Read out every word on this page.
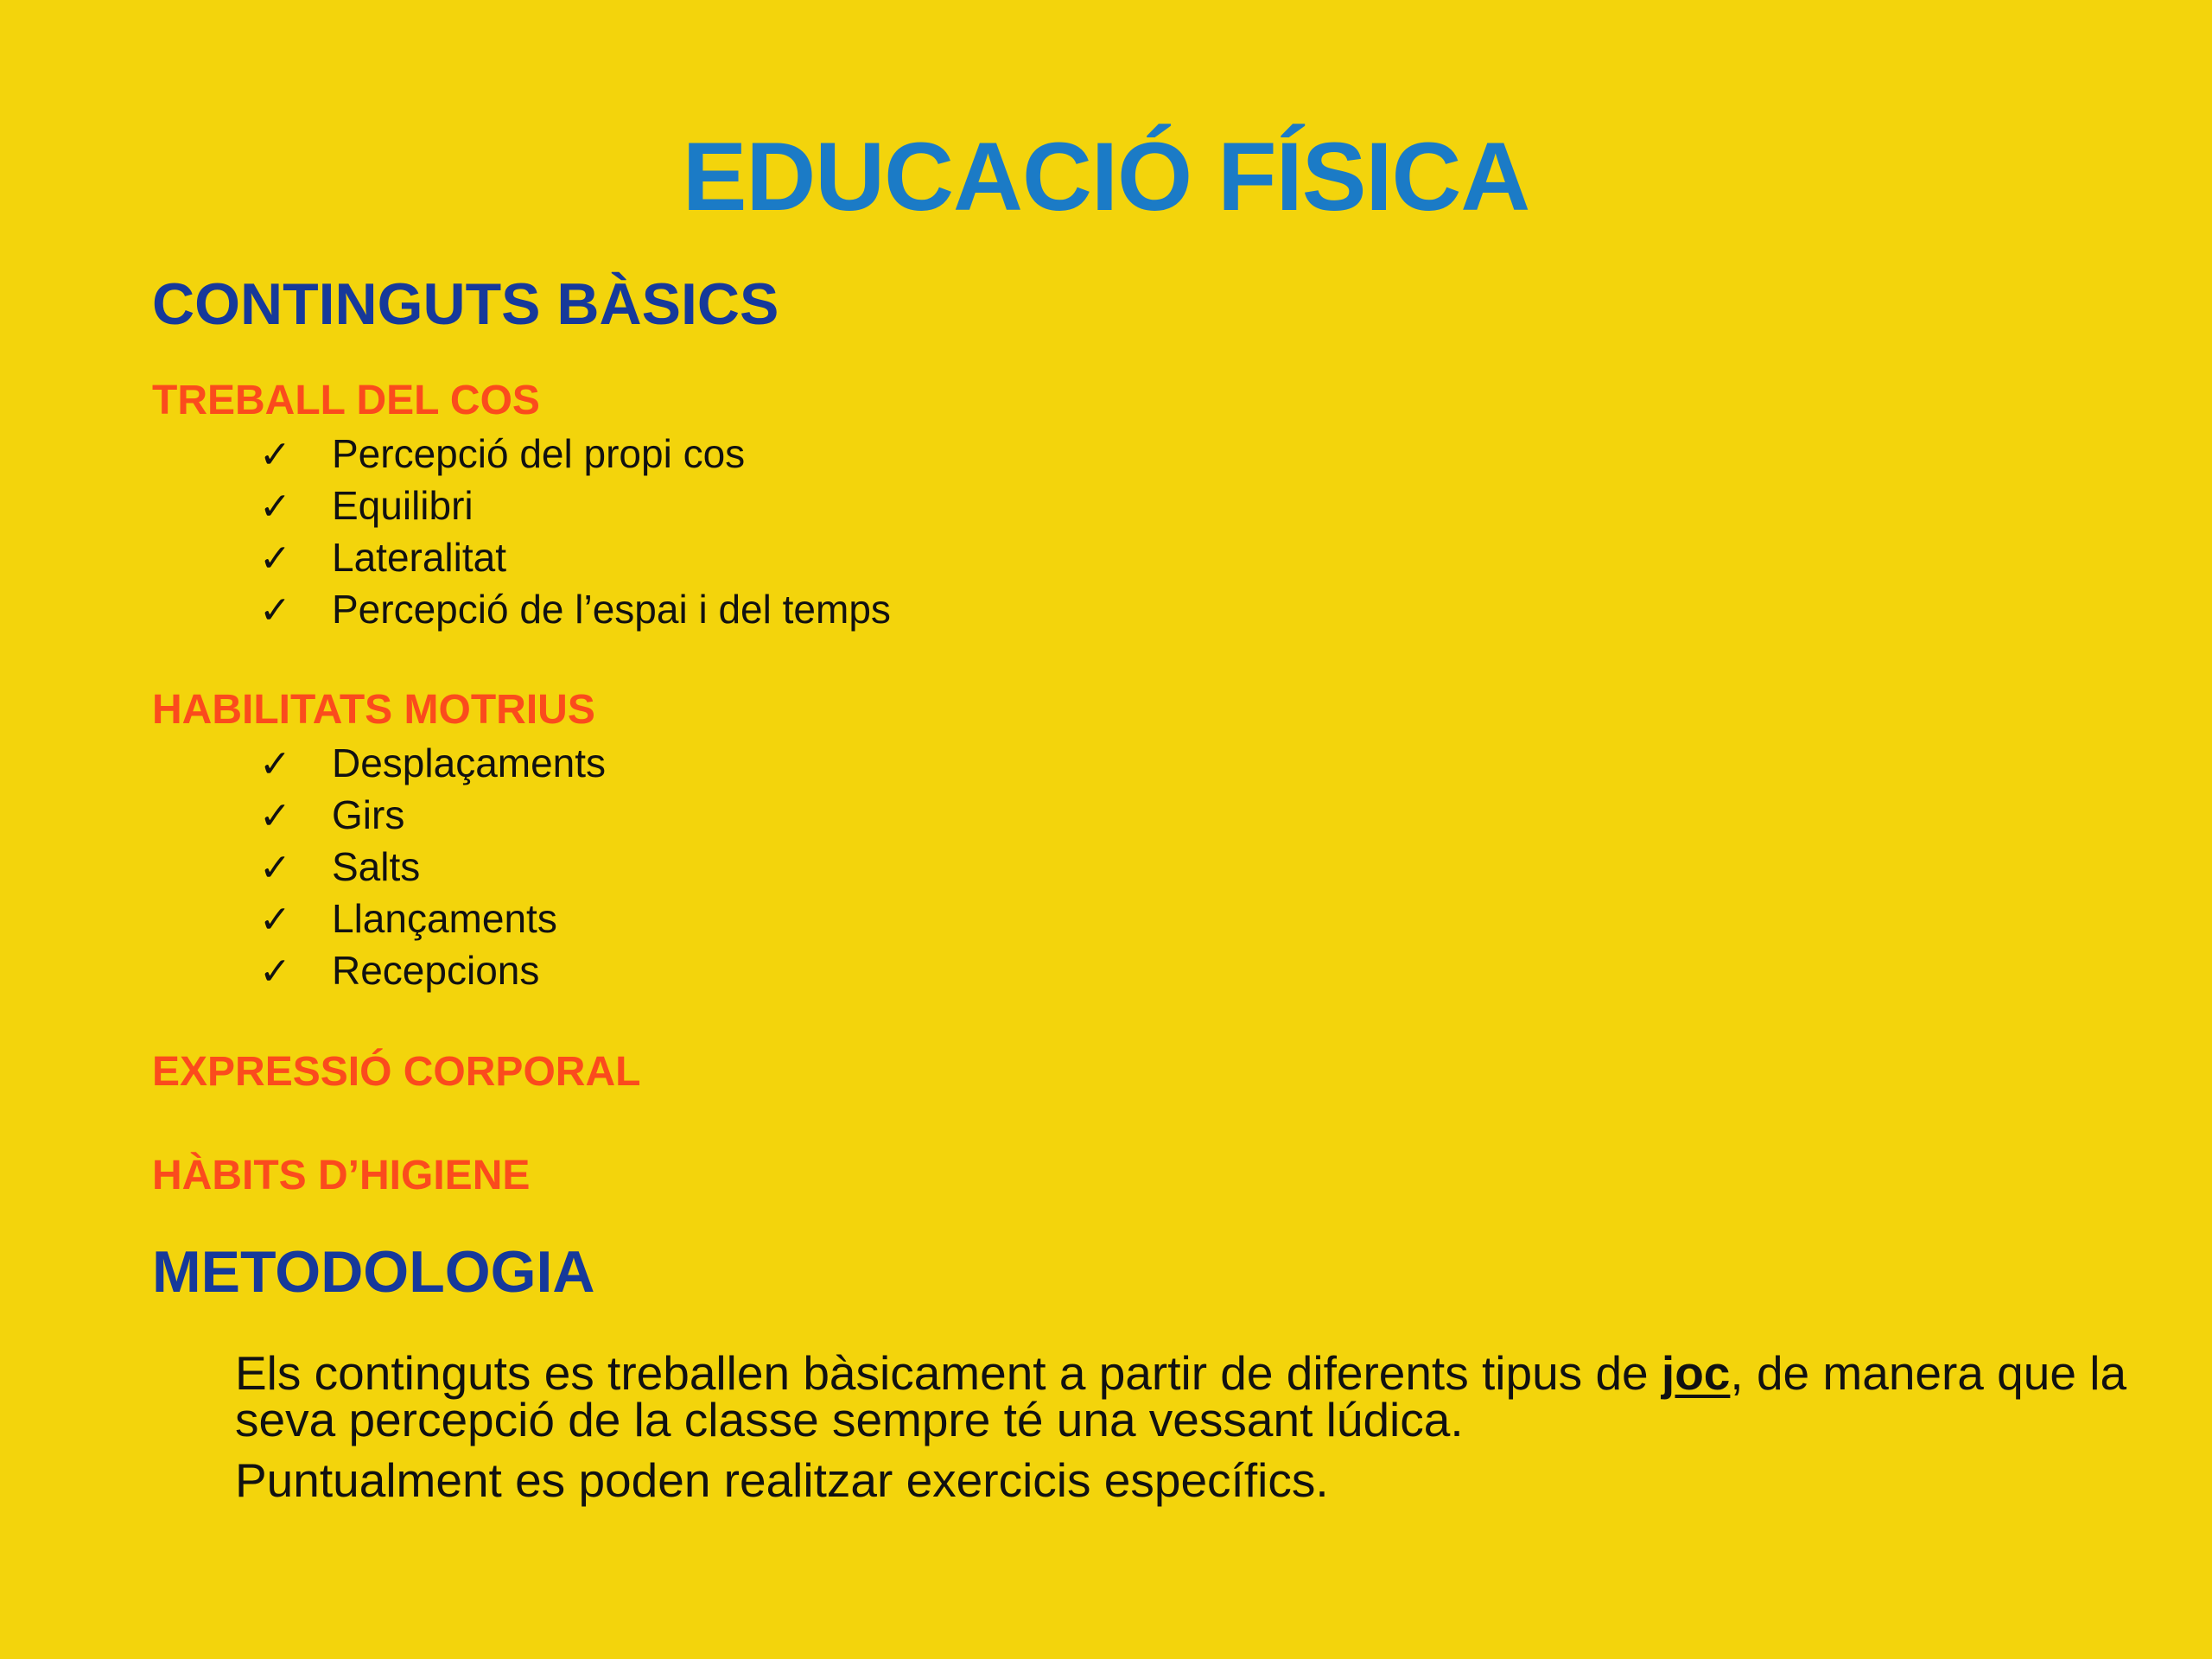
EDUCACIÓ FÍSICA
CONTINGUTS BÀSICS
TREBALL DEL COS
✓ Percepció del propi cos
✓ Equilibri
✓ Lateralitat
✓ Percepció de l’espai i del temps
HABILITATS MOTRIUS
✓ Desplaçaments
✓ Girs
✓ Salts
✓ Llançaments
✓ Recepcions
EXPRESSIÓ CORPORAL
HÀBITS D’HIGIENE
METODOLOGIA

Els continguts es treballen bàsicament a partir de diferents tipus de joc, de manera que la seva percepció de la classe sempre té una vessant lúdica.

Puntualment es poden realitzar exercicis específics.
